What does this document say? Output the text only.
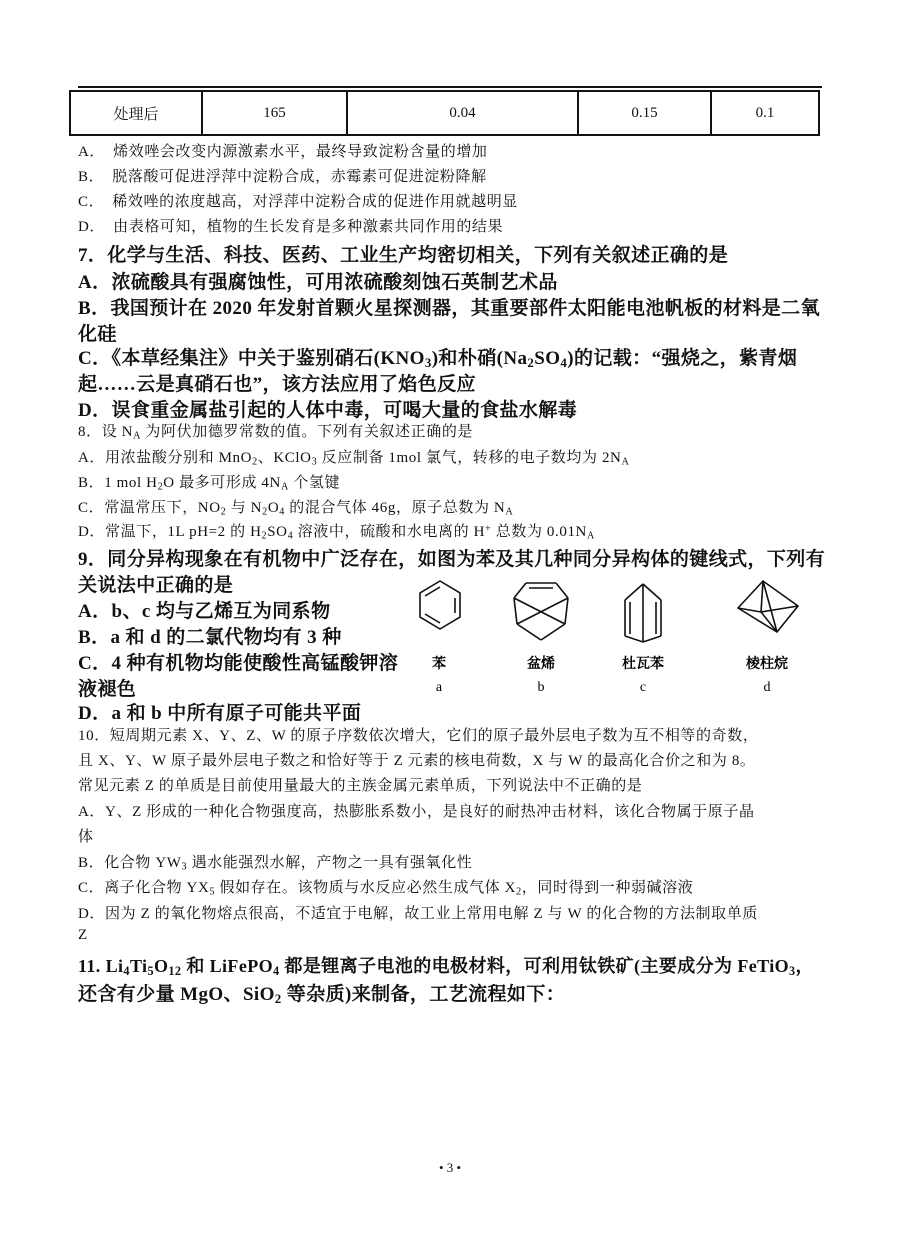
处理后	165	0.04	0.15	0.1
A．　烯效唑会改变内源激素水平，最终导致淀粉含量的增加
B．　脱落酸可促进浮萍中淀粉合成，赤霉素可促进淀粉降解
C．　稀效唑的浓度越高，对浮萍中淀粉合成的促进作用就越明显
D．　由表格可知，植物的生长发育是多种激素共同作用的结果
7．化学与生活、科技、医药、工业生产均密切相关，下列有关叙述正确的是
A．浓硫酸具有强腐蚀性，可用浓硫酸刻蚀石英制艺术品
B．我国预计在 2020 年发射首颗火星探测器，其重要部件太阳能电池帆板的材料是二氧
化硅
C．《本草经集注》中关于鉴别硝石$(KNO_3)$和朴硝$(Na_2SO_4)$的记载：“强烧之，紫青烟
起……云是真硝石也”，该方法应用了焰色反应
D．误食重金属盐引起的人体中毒，可喝大量的食盐水解毒
8．设 $N_A$ 为阿伏加德罗常数的值。下列有关叙述正确的是
A．用浓盐酸分别和 MnO$_2$、KClO$_3$ 反应制备 1mol 氯气，转移的电子数均为 $2N_A$
B．1 mol $H_2O$ 最多可形成 $4N_A$ 个氢键
C．常温常压下，$NO_2$ 与 $N_2O_4$ 的混合气体 46g，原子总数为 $N_A$
D．常温下，1L pH=2 的 $H_2SO_4$ 溶液中，硫酸和水电离的 H+ 总数为 $0.01N_A$
9．同分异构现象在有机物中广泛存在，如图为苯及其几种同分异构体的键线式，下列有
关说法中正确的是
A．b、c 均与乙烯互为同系物
B．a 和 d 的二氯代物均有 3 种
C．4 种有机物均能使酸性高锰酸钾溶
液褪色
D．a 和 b 中所有原子可能共平面
苯	盆烯	杜瓦苯	棱柱烷
a	b	c	d
10．短周期元素 X、Y、Z、W 的原子序数依次增大，它们的原子最外层电子数为互不相等的奇数，
且 X、Y、W 原子最外层电子数之和恰好等于 Z 元素的核电荷数，X 与 W 的最高化合价之和为 8。
常见元素 Z 的单质是目前使用量最大的主族金属元素单质，下列说法中不正确的是
A．Y、Z 形成的一种化合物强度高，热膨胀系数小，是良好的耐热冲击材料，该化合物属于原子晶
体
B．化合物 $YW_3$ 遇水能强烈水解，产物之一具有强氧化性
C．离子化合物 $YX_5$ 假如存在。该物质与水反应必然生成气体 $X_2$，同时得到一种弱碱溶液
D．因为 Z 的氧化物熔点很高，不适宜于电解，故工业上常用电解 Z 与 W 的化合物的方法制取单质
Z
11. $Li_4Ti_5O_{12}$ 和 LiFePO$_4$ 都是锂离子电池的电极材料，可利用钛铁矿(主要成分为 FeTiO$_3$，
还含有少量 MgO、SiO$_2$ 等杂质)来制备，工艺流程如下：
• 3 •
